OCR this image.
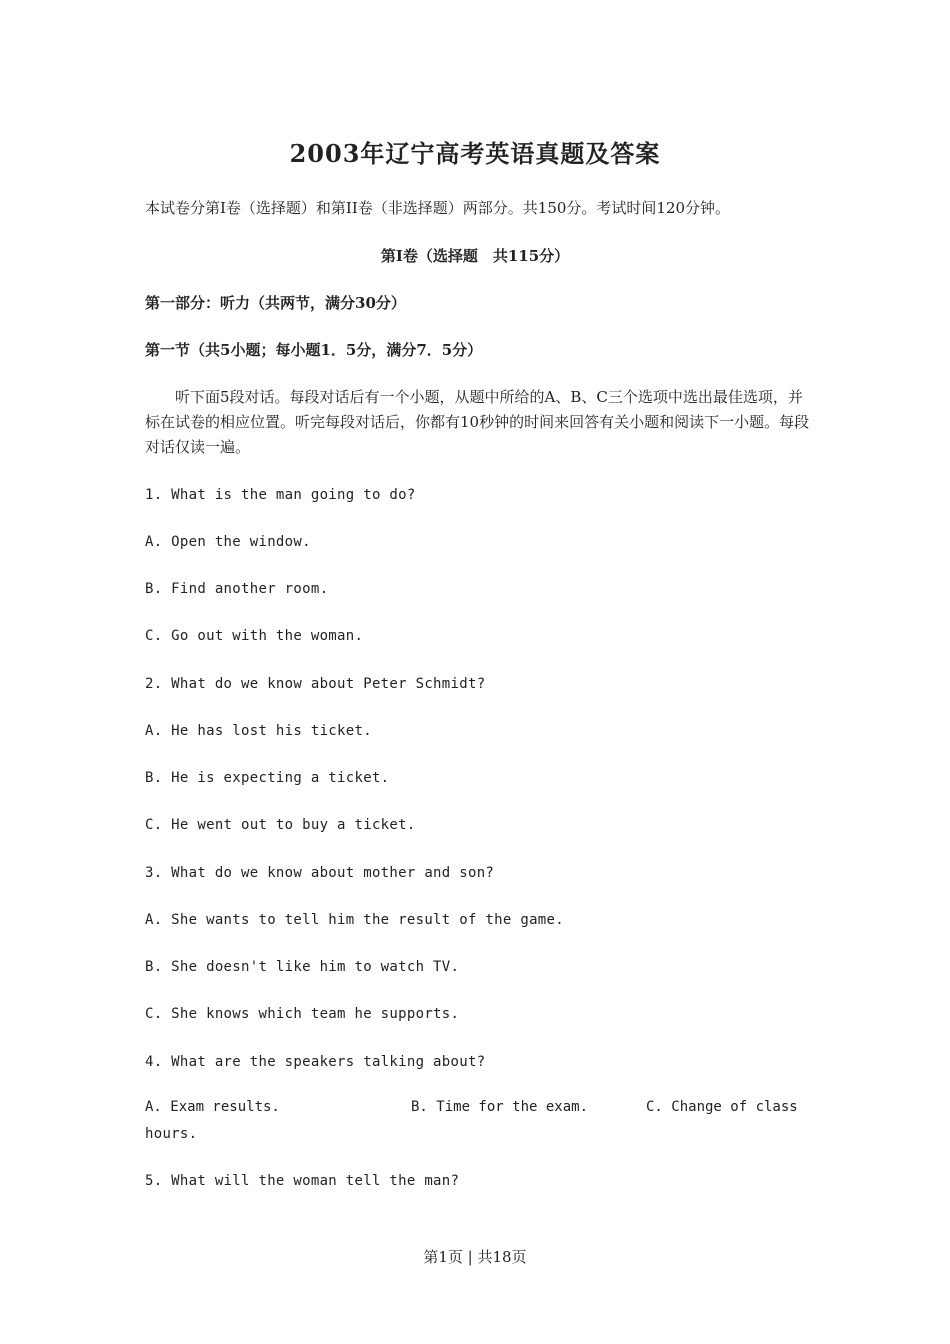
2003年辽宁高考英语真题及答案
本试卷分第I卷（选择题）和第II卷（非选择题）两部分。共150分。考试时间120分钟。
第I卷（选择题　共115分）
第一部分：听力（共两节，满分30分）
第一节（共5小题；每小题1．5分，满分7．5分）
听下面5段对话。每段对话后有一个小题，从题中所给的A、B、C三个选项中选出最佳选项，并标在试卷的相应位置。听完每段对话后，你都有10秒钟的时间来回答有关小题和阅读下一小题。每段对话仅读一遍。
1. What is the man going to do?
A. Open the window.
B. Find another room.
C. Go out with the woman.
2. What do we know about Peter Schmidt?
A. He has lost his ticket.
B. He is expecting a ticket.
C. He went out to buy a ticket.
3. What do we know about mother and son?
A. She wants to tell him the result of the game.
B. She doesn't like him to watch TV.
C. She knows which team he supports.
4. What are the speakers talking about?
A. Exam results.	B. Time for the exam.	C. Change of class
hours.
5. What will the woman tell the man?
第1页 | 共18页
